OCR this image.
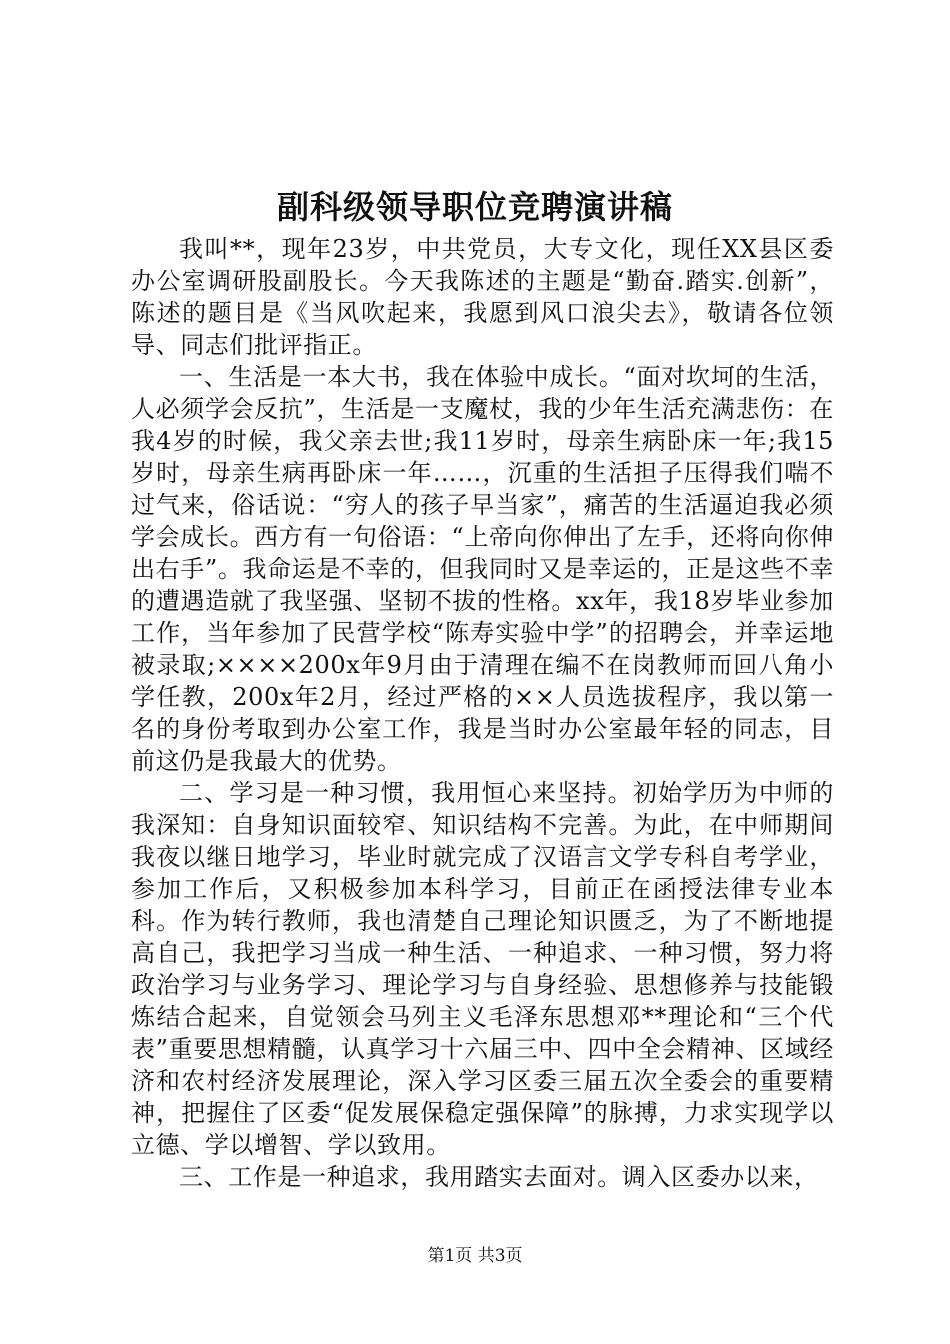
副科级领导职位竞聘演讲稿

我叫**，现年23岁，中共党员，大专文化，现任XX县区委办公室调研股副股长。今天我陈述的主题是“勤奋.踏实.创新”，陈述的题目是《当风吹起来，我愿到风口浪尖去》，敬请各位领导、同志们批评指正。

一、生活是一本大书，我在体验中成长。“面对坎坷的生活，人必须学会反抗”，生活是一支魔杖，我的少年生活充满悲伤：在我4岁的时候，我父亲去世;我11岁时，母亲生病卧床一年;我15岁时，母亲生病再卧床一年……，沉重的生活担子压得我们喘不过气来，俗话说：“穷人的孩子早当家”，痛苦的生活逼迫我必须学会成长。西方有一句俗语：“上帝向你伸出了左手，还将向你伸出右手”。我命运是不幸的，但我同时又是幸运的，正是这些不幸的遭遇造就了我坚强、坚韧不拔的性格。xx年，我18岁毕业参加工作，当年参加了民营学校“陈寿实验中学”的招聘会，并幸运地被录取;××××200x年9月由于清理在编不在岗教师而回八角小学任教，200x年2月，经过严格的××人员选拔程序，我以第一名的身份考取到办公室工作，我是当时办公室最年轻的同志，目前这仍是我最大的优势。

二、学习是一种习惯，我用恒心来坚持。初始学历为中师的我深知：自身知识面较窄、知识结构不完善。为此，在中师期间我夜以继日地学习，毕业时就完成了汉语言文学专科自考学业，参加工作后，又积极参加本科学习，目前正在函授法律专业本科。作为转行教师，我也清楚自己理论知识匮乏，为了不断地提高自己，我把学习当成一种生活、一种追求、一种习惯，努力将政治学习与业务学习、理论学习与自身经验、思想修养与技能锻炼结合起来，自觉领会马列主义毛泽东思想邓**理论和“三个代表”重要思想精髓，认真学习十六届三中、四中全会精神、区域经济和农村经济发展理论，深入学习区委三届五次全委会的重要精神，把握住了区委“促发展保稳定强保障”的脉搏，力求实现学以立德、学以增智、学以致用。

三、工作是一种追求，我用踏实去面对。调入区委办以来，

第1页 共3页
